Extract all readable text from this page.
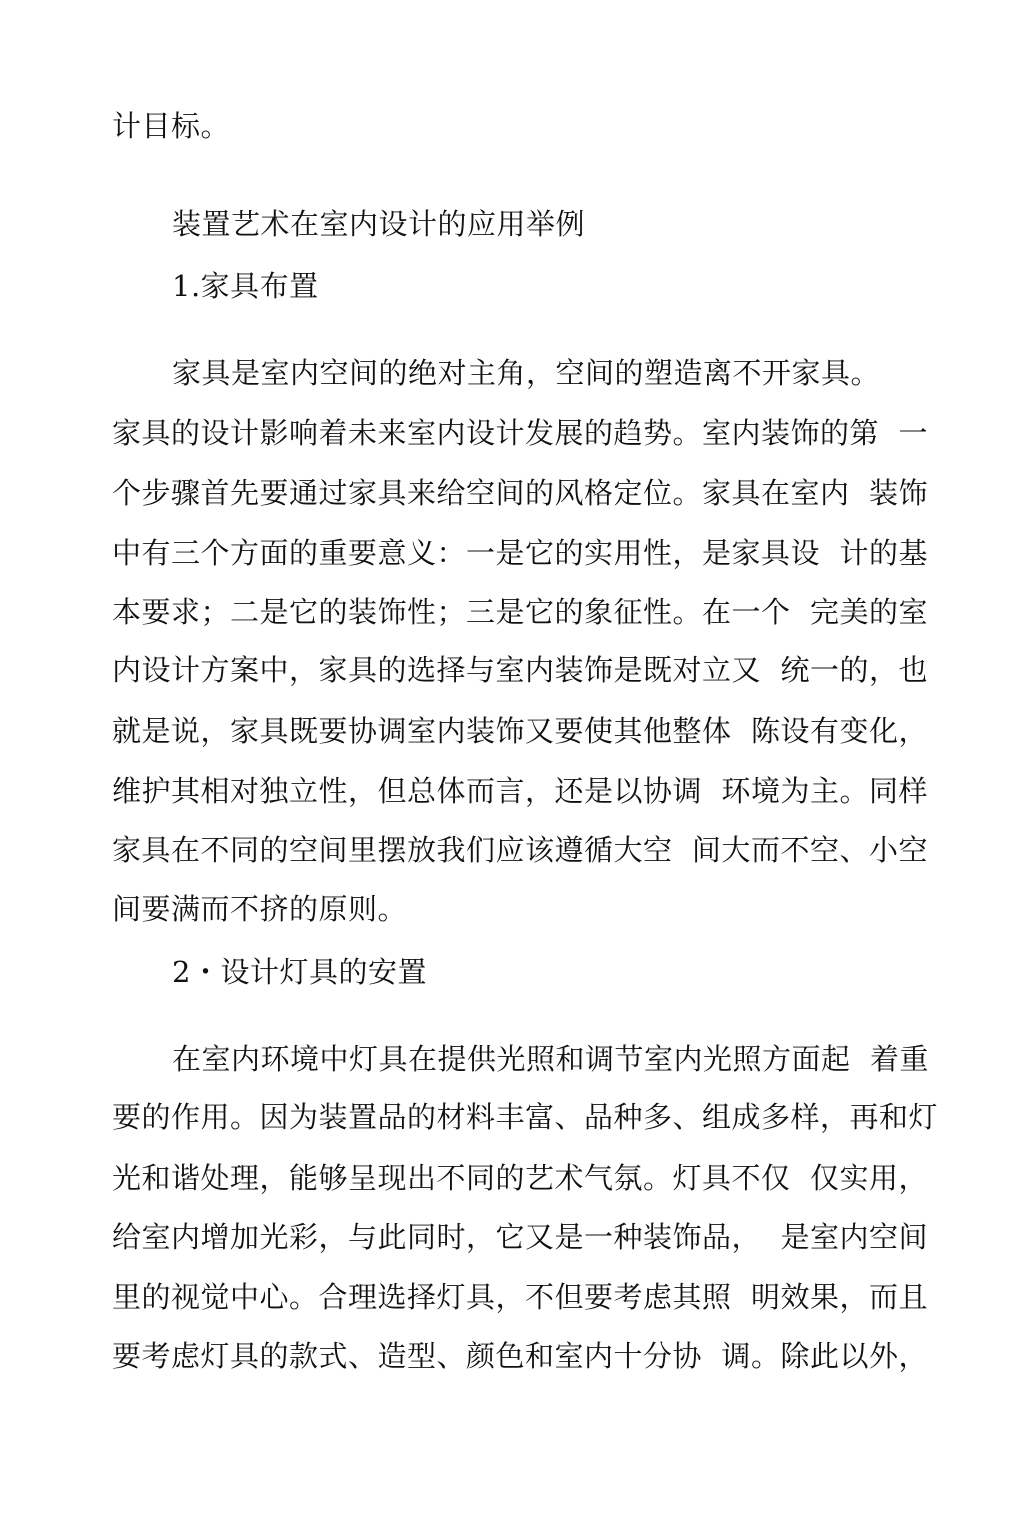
计目标。
装置艺术在室内设计的应用举例
1.家具布置
家具是室内空间的绝对主角，空间的塑造离不开家具。
家具的设计影响着未来室内设计发展的趋势。室内装饰的第  一
个步骤首先要通过家具来给空间的风格定位。家具在室内  装饰
中有三个方面的重要意义：一是它的实用性，是家具设  计的基
本要求；二是它的装饰性；三是它的象征性。在一个  完美的室
内设计方案中，家具的选择与室内装饰是既对立又  统一的，也
就是说，家具既要协调室内装饰又要使其他整体  陈设有变化，
维护其相对独立性，但总体而言，还是以协调  环境为主。同样
家具在不同的空间里摆放我们应该遵循大空  间大而不空、小空
间要满而不挤的原则。
2・设计灯具的安置
在室内环境中灯具在提供光照和调节室内光照方面起  着重
要的作用。因为装置品的材料丰富、品种多、组成多样，再和灯
光和谐处理，能够呈现出不同的艺术气氛。灯具不仅  仅实用，
给室内增加光彩，与此同时，它又是一种装饰品，  是室内空间
里的视觉中心。合理选择灯具，不但要考虑其照  明效果，而且
要考虑灯具的款式、造型、颜色和室内十分协  调。除此以外，
